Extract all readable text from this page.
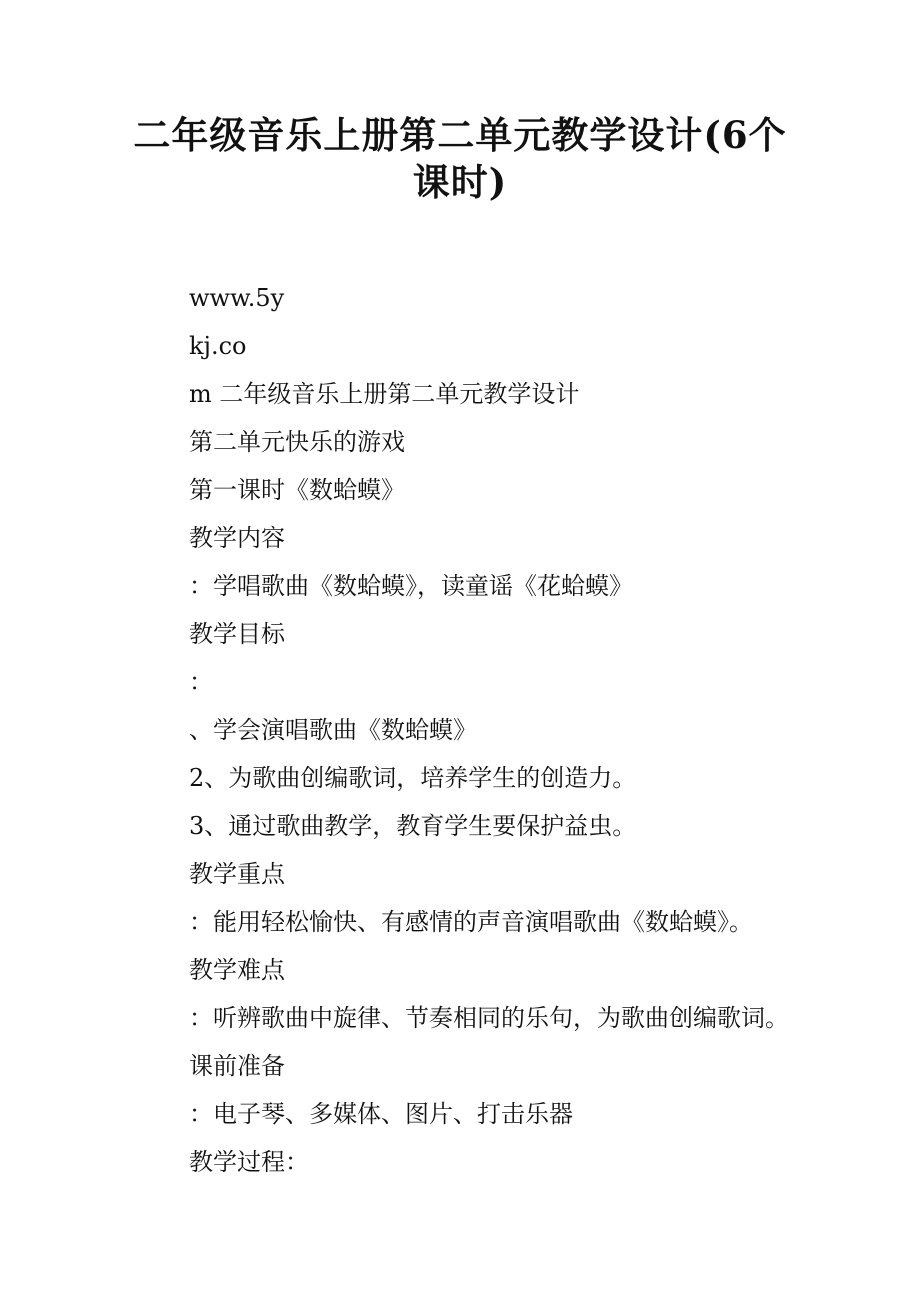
二年级音乐上册第二单元教学设计(6个
课时)
www.5y
kj.co
m 二年级音乐上册第二单元教学设计
第二单元快乐的游戏
第一课时《数蛤蟆》
教学内容
：学唱歌曲《数蛤蟆》，读童谣《花蛤蟆》
教学目标
：
、学会演唱歌曲《数蛤蟆》
2、为歌曲创编歌词，培养学生的创造力。
3、通过歌曲教学，教育学生要保护益虫。
教学重点
：能用轻松愉快、有感情的声音演唱歌曲《数蛤蟆》。
教学难点
：听辨歌曲中旋律、节奏相同的乐句，为歌曲创编歌词。
课前准备
：电子琴、多媒体、图片、打击乐器
教学过程：
